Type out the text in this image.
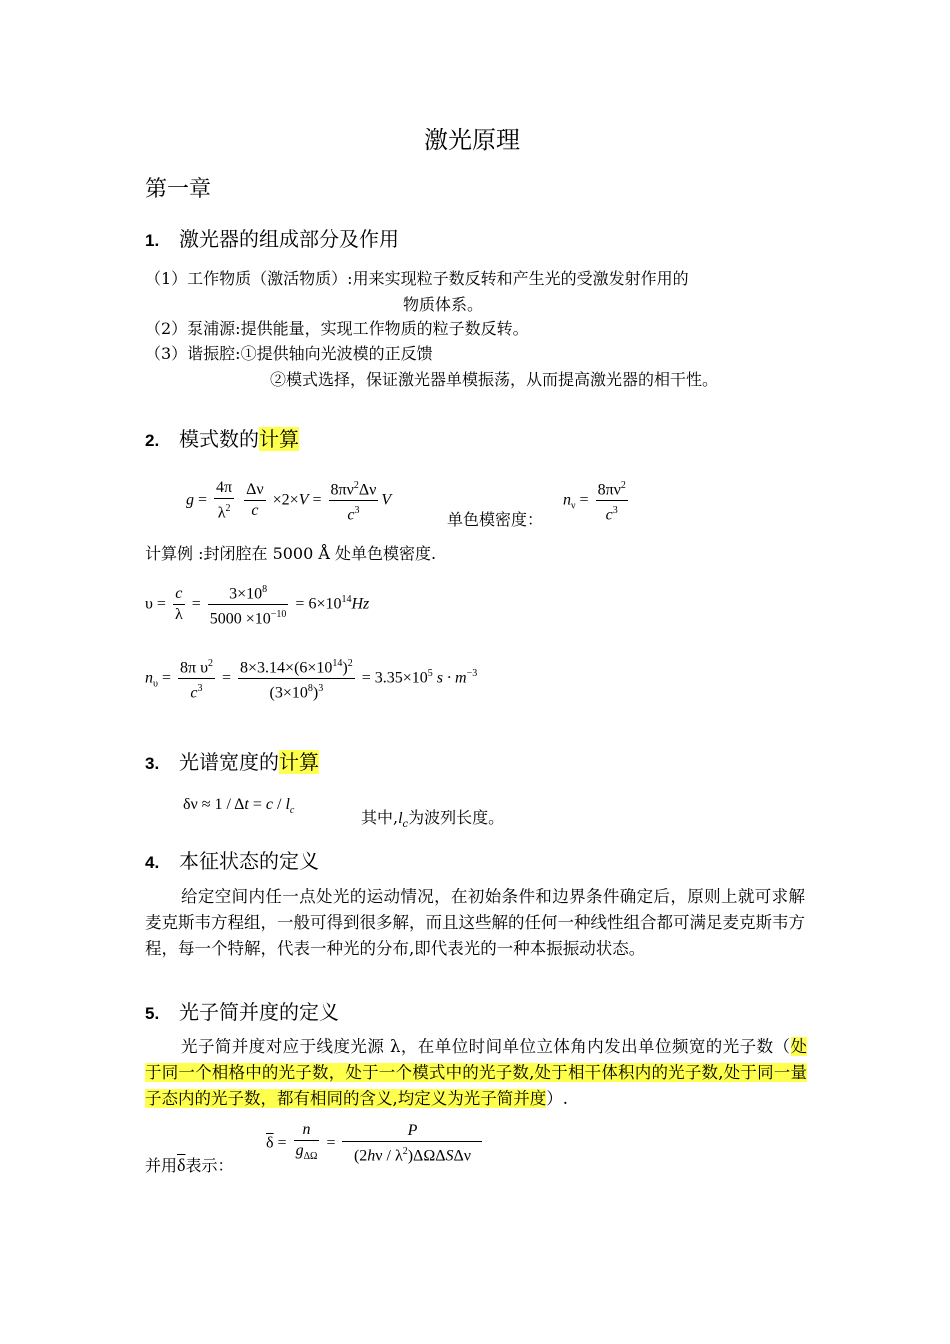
激光原理
第一章
1. 激光器的组成部分及作用
（1）工作物质（激活物质）:用来实现粒子数反转和产生光的受激发射作用的
物质体系。
（2）泵浦源:提供能量，实现工作物质的粒子数反转。
（3）谐振腔:①提供轴向光波模的正反馈
②模式选择，保证激光器单模振荡，从而提高激光器的相干性。
2. 模式数的计算
$g = \frac{4\pi}{\lambda^2}$
$\frac{\Delta\nu}{c} \times 2\times V = \frac{8\pi\nu^2\Delta\nu}{c^3}$ V
单色模密度：
$n_\nu = \frac{8\pi\nu^2}{c^3}$
计算例 :封闭腔在 5000 Å 处单色模密度.
$\upsilon = \frac{c}{\lambda} = \frac{3\times 10^8}{5000 \times 10^{-10}} = 6\times 10^{14}Hz$
$n_\upsilon = \frac{8\pi \upsilon^2}{c^3} = \frac{8\times 3.14\times(6\times 10^{14})^2}{(3\times 10^8)^3} = 3.35\times 10^5$ $s \cdot m^{-3}$
3. 光谱宽度的计算
$\delta\nu \approx 1 / \Delta t = c / l_c$	其中$,l_c$为波列长度。
4. 本征状态的定义
给定空间内任一点处光的运动情况，在初始条件和边界条件确定后，原则上就可求解麦克斯韦方程组，一般可得到很多解，而且这些解的任何一种线性组合都可满足麦克斯韦方程，每一个特解，代表一种光的分布,即代表光的一种本振振动状态。
5. 光子简并度的定义
光子简并度对应于线度光源 λ，在单位时间单位立体角内发出单位频宽的光子数（处于同一个相格中的光子数，处于一个模式中的光子数,处于相干体积内的光子数,处于同一量子态内的光子数，都有相同的含义,均定义为光子简并度）.
并用$\overline{\delta}$表示：
$\overline{\delta} = \frac{n}{g_{\Delta\Omega}} = \frac{P}{(2h\nu / \lambda^2)\Delta\Omega\Delta S\Delta\nu}$
